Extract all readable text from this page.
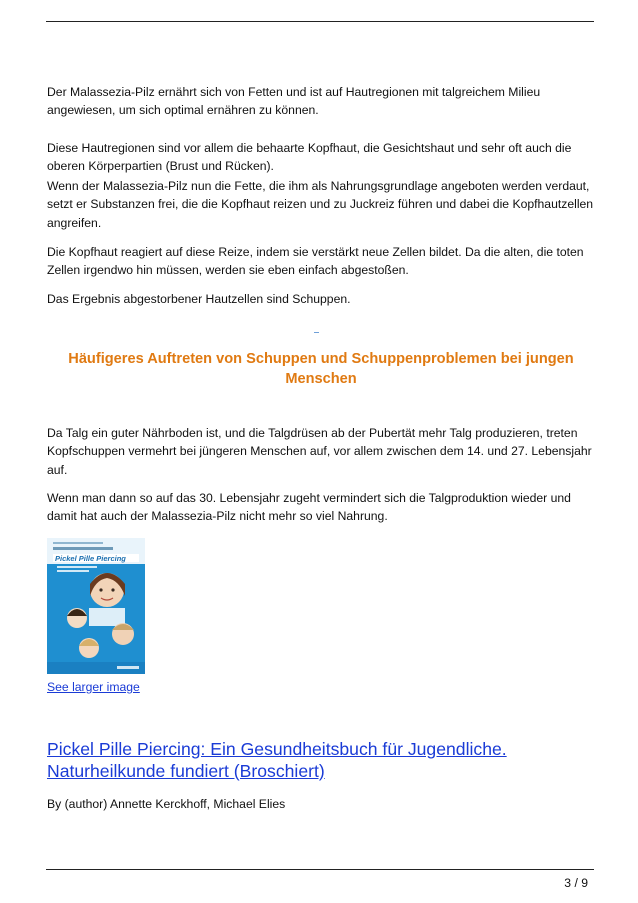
Der Malassezia-Pilz ernährt sich von Fetten und ist auf Hautregionen mit talgreichem Milieu angewiesen, um sich optimal ernähren zu können.

Diese Hautregionen sind vor allem die behaarte Kopfhaut, die Gesichtshaut und sehr oft auch die oberen Körperpartien (Brust und Rücken).

Wenn der Malassezia-Pilz nun die Fette, die ihm als Nahrungsgrundlage angeboten werden verdaut, setzt er Substanzen frei, die die Kopfhaut reizen und zu Juckreiz führen und dabei die Kopfhautzellen angreifen.

Die Kopfhaut reagiert auf diese Reize, indem sie verstärkt neue Zellen bildet. Da die alten, die toten Zellen irgendwo hin müssen, werden sie eben einfach abgestoßen.

Das Ergebnis abgestorbener Hautzellen sind Schuppen.

Häufigeres Auftreten von Schuppen und Schuppenproblemen bei jungen Menschen

Da Talg ein guter Nährboden ist, und die Talgdrüsen ab der Pubertät mehr Talg produzieren, treten Kopfschuppen vermehrt bei jüngeren Menschen auf, vor allem zwischen dem 14. und 27. Lebensjahr auf.

Wenn man dann so auf das 30. Lebensjahr zugeht vermindert sich die Talgproduktion wieder und damit hat auch der Malassezia-Pilz nicht mehr so viel Nahrung.

Pickel Pille Piercing
See larger image

Pickel Pille Piercing: Ein Gesundheitsbuch für Jugendliche. Naturheilkunde fundiert (Broschiert)

By (author) Annette Kerckhoff, Michael Elies

3 / 9
